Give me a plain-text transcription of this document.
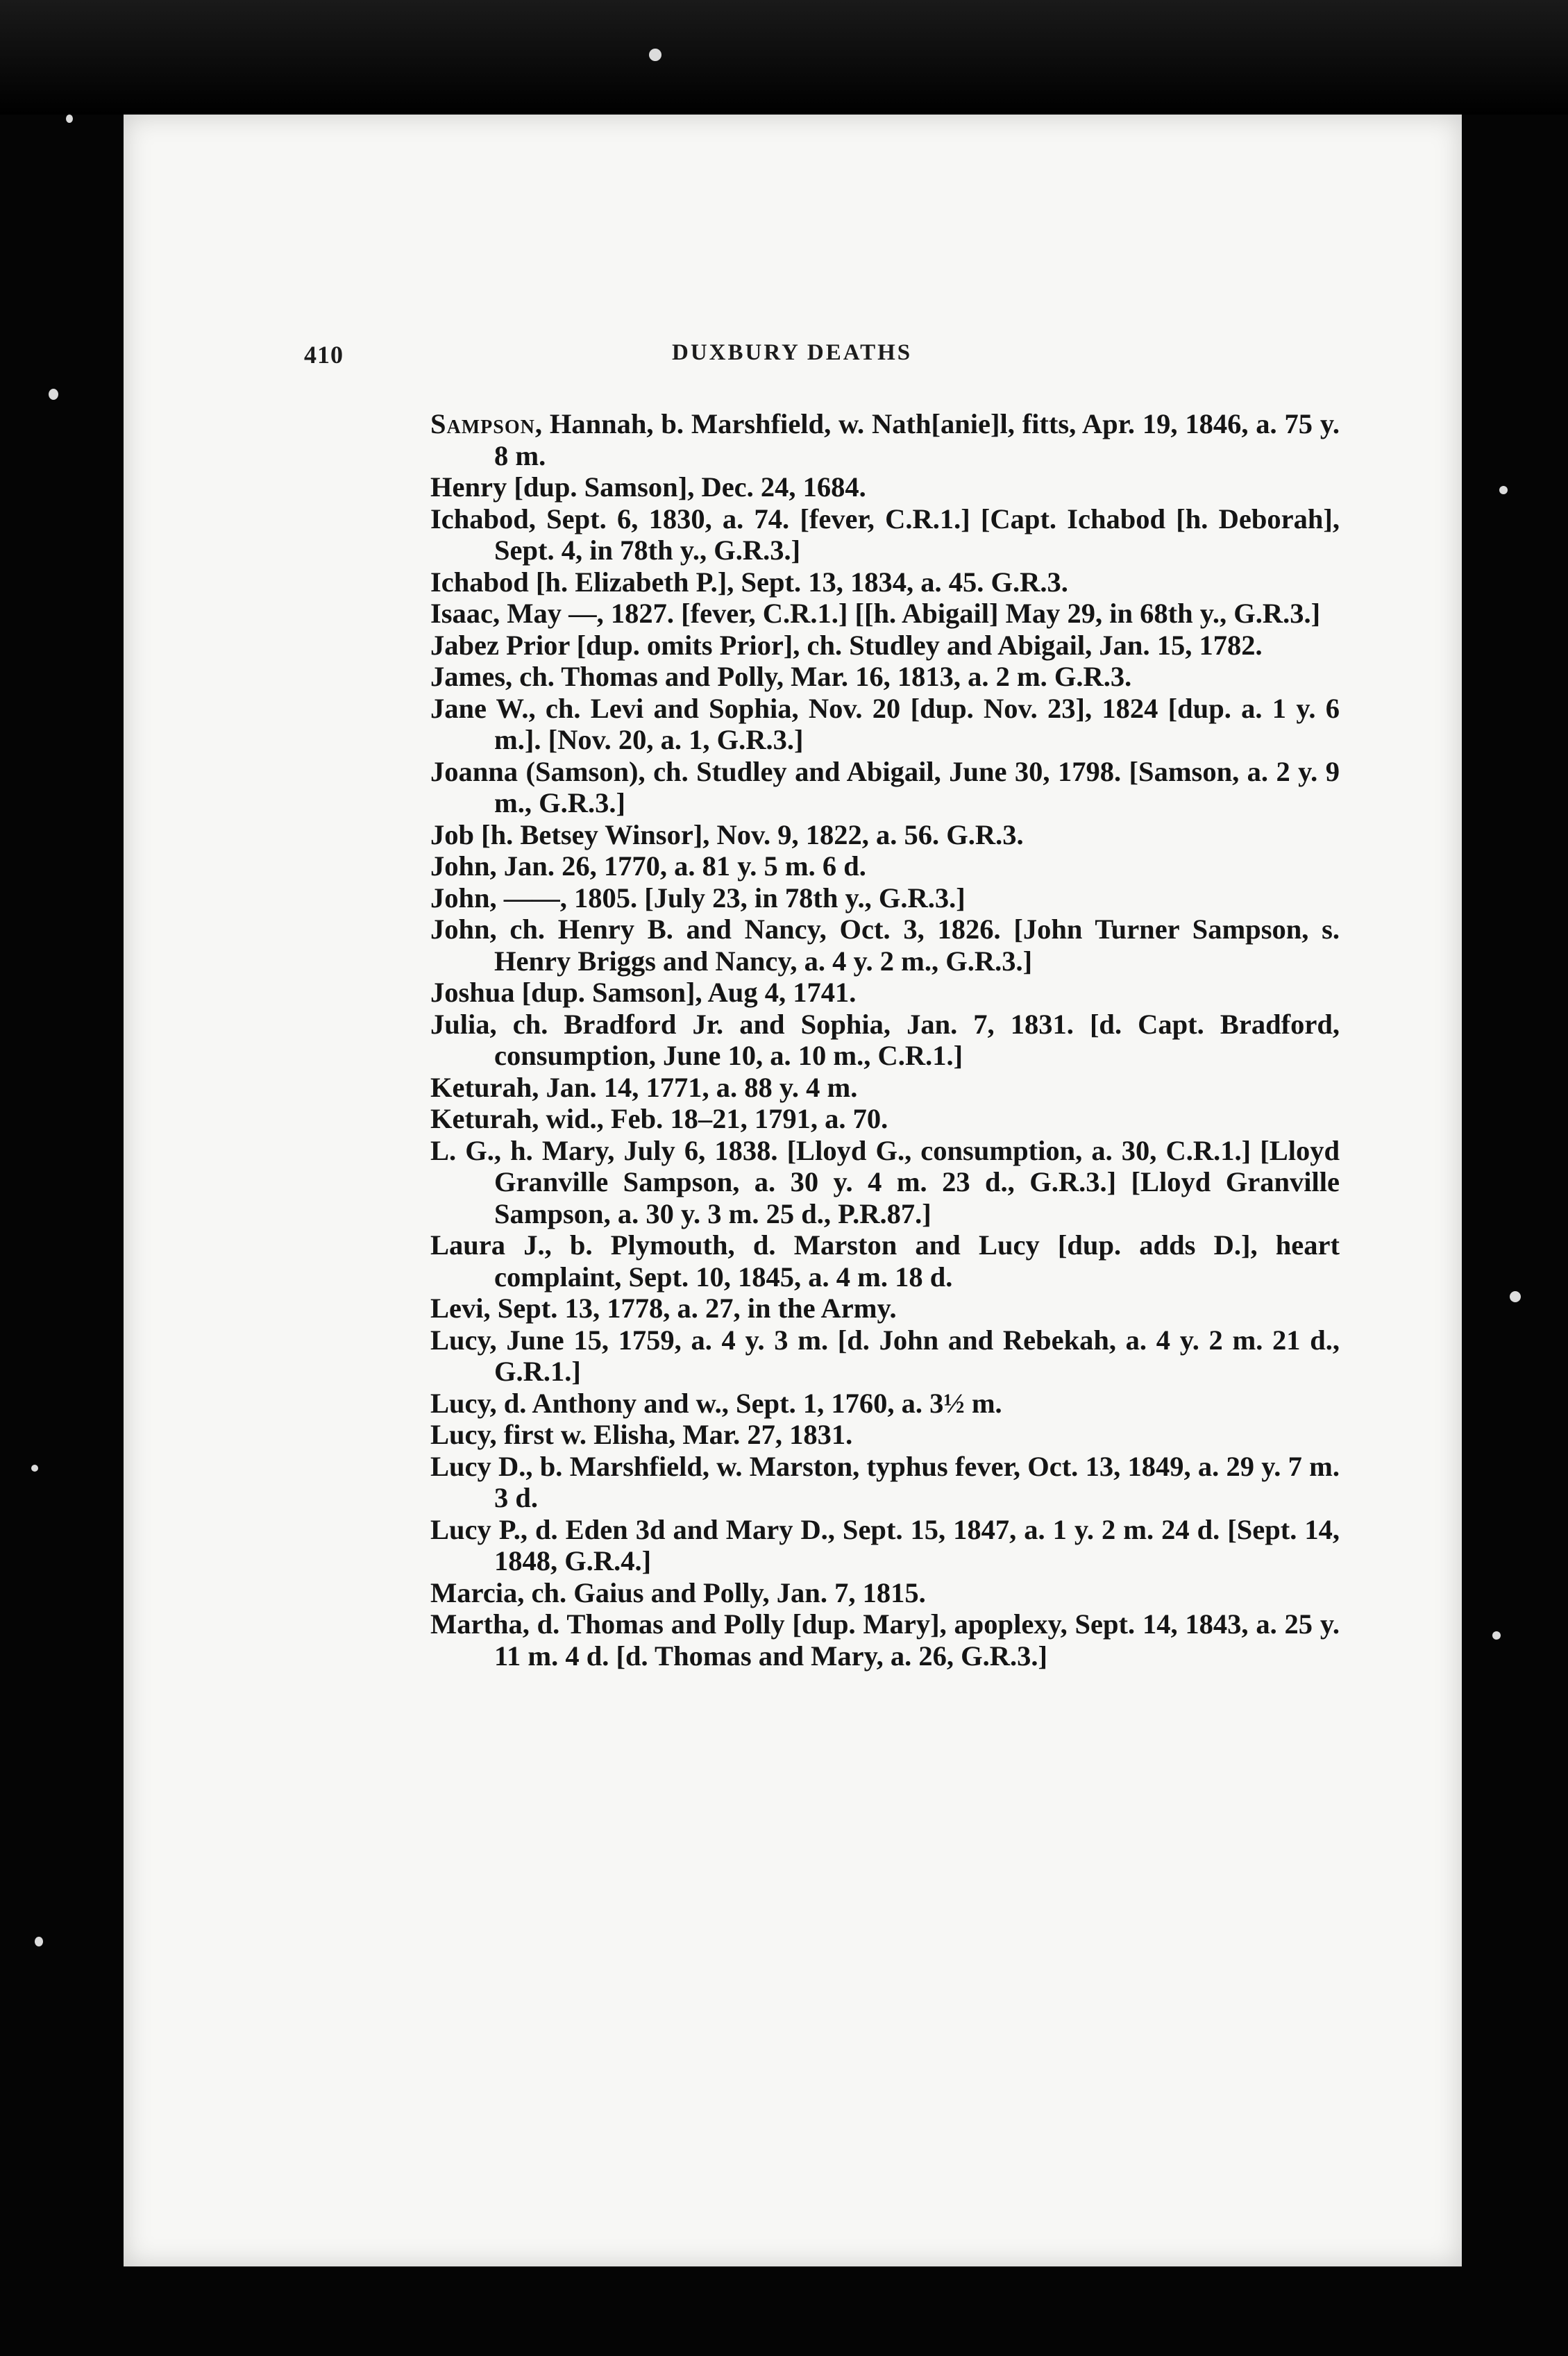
410	DUXBURY DEATHS

Sampson, Hannah, b. Marshfield, w. Nath[anie]l, fitts, Apr. 19, 1846, a. 75 y. 8 m.

Henry [dup. Samson], Dec. 24, 1684.

Ichabod, Sept. 6, 1830, a. 74. [fever, C.R.1.] [Capt. Ichabod [h. Deborah], Sept. 4, in 78th y., G.R.3.]

Ichabod [h. Elizabeth P.], Sept. 13, 1834, a. 45. G.R.3.

Isaac, May —, 1827. [fever, C.R.1.] [[h. Abigail] May 29, in 68th y., G.R.3.]

Jabez Prior [dup. omits Prior], ch. Studley and Abigail, Jan. 15, 1782.

James, ch. Thomas and Polly, Mar. 16, 1813, a. 2 m. G.R.3.

Jane W., ch. Levi and Sophia, Nov. 20 [dup. Nov. 23], 1824 [dup. a. 1 y. 6 m.]. [Nov. 20, a. 1, G.R.3.]

Joanna (Samson), ch. Studley and Abigail, June 30, 1798. [Samson, a. 2 y. 9 m., G.R.3.]

Job [h. Betsey Winsor], Nov. 9, 1822, a. 56. G.R.3.

John, Jan. 26, 1770, a. 81 y. 5 m. 6 d.

John, ——, 1805. [July 23, in 78th y., G.R.3.]

John, ch. Henry B. and Nancy, Oct. 3, 1826. [John Turner Sampson, s. Henry Briggs and Nancy, a. 4 y. 2 m., G.R.3.]

Joshua [dup. Samson], Aug 4, 1741.

Julia, ch. Bradford Jr. and Sophia, Jan. 7, 1831. [d. Capt. Bradford, consumption, June 10, a. 10 m., C.R.1.]

Keturah, Jan. 14, 1771, a. 88 y. 4 m.

Keturah, wid., Feb. 18–21, 1791, a. 70.

L. G., h. Mary, July 6, 1838. [Lloyd G., consumption, a. 30, C.R.1.] [Lloyd Granville Sampson, a. 30 y. 4 m. 23 d., G.R.3.] [Lloyd Granville Sampson, a. 30 y. 3 m. 25 d., P.R.87.]

Laura J., b. Plymouth, d. Marston and Lucy [dup. adds D.], heart complaint, Sept. 10, 1845, a. 4 m. 18 d.

Levi, Sept. 13, 1778, a. 27, in the Army.

Lucy, June 15, 1759, a. 4 y. 3 m. [d. John and Rebekah, a. 4 y. 2 m. 21 d., G.R.1.]

Lucy, d. Anthony and w., Sept. 1, 1760, a. 3½ m.

Lucy, first w. Elisha, Mar. 27, 1831.

Lucy D., b. Marshfield, w. Marston, typhus fever, Oct. 13, 1849, a. 29 y. 7 m. 3 d.

Lucy P., d. Eden 3d and Mary D., Sept. 15, 1847, a. 1 y. 2 m. 24 d. [Sept. 14, 1848, G.R.4.]

Marcia, ch. Gaius and Polly, Jan. 7, 1815.

Martha, d. Thomas and Polly [dup. Mary], apoplexy, Sept. 14, 1843, a. 25 y. 11 m. 4 d. [d. Thomas and Mary, a. 26, G.R.3.]
